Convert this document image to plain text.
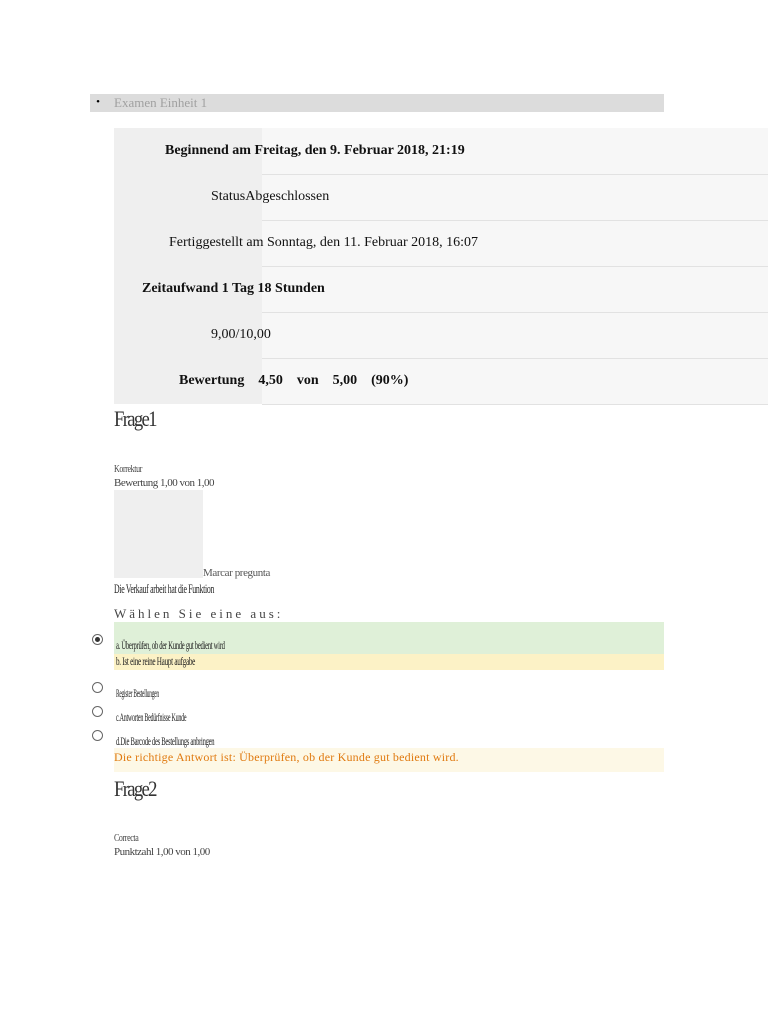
•	Examen Einheit 1
Beginnend am Freitag, den 9. Februar 2018, 21:19	

StatusAbgeschlossen	

Fertiggestellt am Sonntag, den 11. Februar 2018, 16:07	

Zeitaufwand 1 Tag 18 Stunden	

9,00/10,00	

Bewertung    4,50    von    5,00    (90%)	

Frage1
Korrektur
Bewertung 1,00 von 1,00
Marcar pregunta
Die Verkauf arbeit hat die Funktion
Wählen Sie eine aus:
a. Überprüfen, ob der Kunde gut bedient wird
b. Ist eine reine Haupt aufgabe
Register Bestellungen
c.Antworten Bedürfnisse Kunde
d.Die Barcode des Bestellungs anbringen
Die richtige Antwort ist: Überprüfen, ob der Kunde gut bedient wird.
Frage2
Correcta
Punktzahl 1,00 von 1,00
